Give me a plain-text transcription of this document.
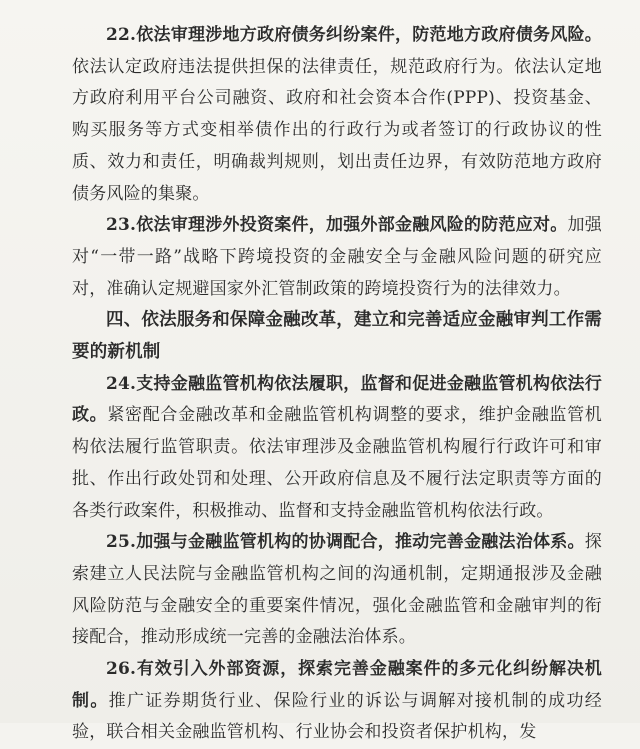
22.依法审理涉地方政府债务纠纷案件，防范地方政府债务风险。依法认定政府违法提供担保的法律责任，规范政府行为。依法认定地方政府利用平台公司融资、政府和社会资本合作(PPP)、投资基金、购买服务等方式变相举债作出的行政行为或者签订的行政协议的性质、效力和责任，明确裁判规则，划出责任边界，有效防范地方政府债务风险的集聚。

23.依法审理涉外投资案件，加强外部金融风险的防范应对。加强对“一带一路”战略下跨境投资的金融安全与金融风险问题的研究应对，准确认定规避国家外汇管制政策的跨境投资行为的法律效力。

四、依法服务和保障金融改革，建立和完善适应金融审判工作需要的新机制

24.支持金融监管机构依法履职，监督和促进金融监管机构依法行政。紧密配合金融改革和金融监管机构调整的要求，维护金融监管机构依法履行监管职责。依法审理涉及金融监管机构履行行政许可和审批、作出行政处罚和处理、公开政府信息及不履行法定职责等方面的各类行政案件，积极推动、监督和支持金融监管机构依法行政。

25.加强与金融监管机构的协调配合，推动完善金融法治体系。探索建立人民法院与金融监管机构之间的沟通机制，定期通报涉及金融风险防范与金融安全的重要案件情况，强化金融监管和金融审判的衔接配合，推动形成统一完善的金融法治体系。

26.有效引入外部资源，探索完善金融案件的多元化纠纷解决机制。推广证券期货行业、保险行业的诉讼与调解对接机制的成功经验，联合相关金融监管机构、行业协会和投资者保护机构，发
